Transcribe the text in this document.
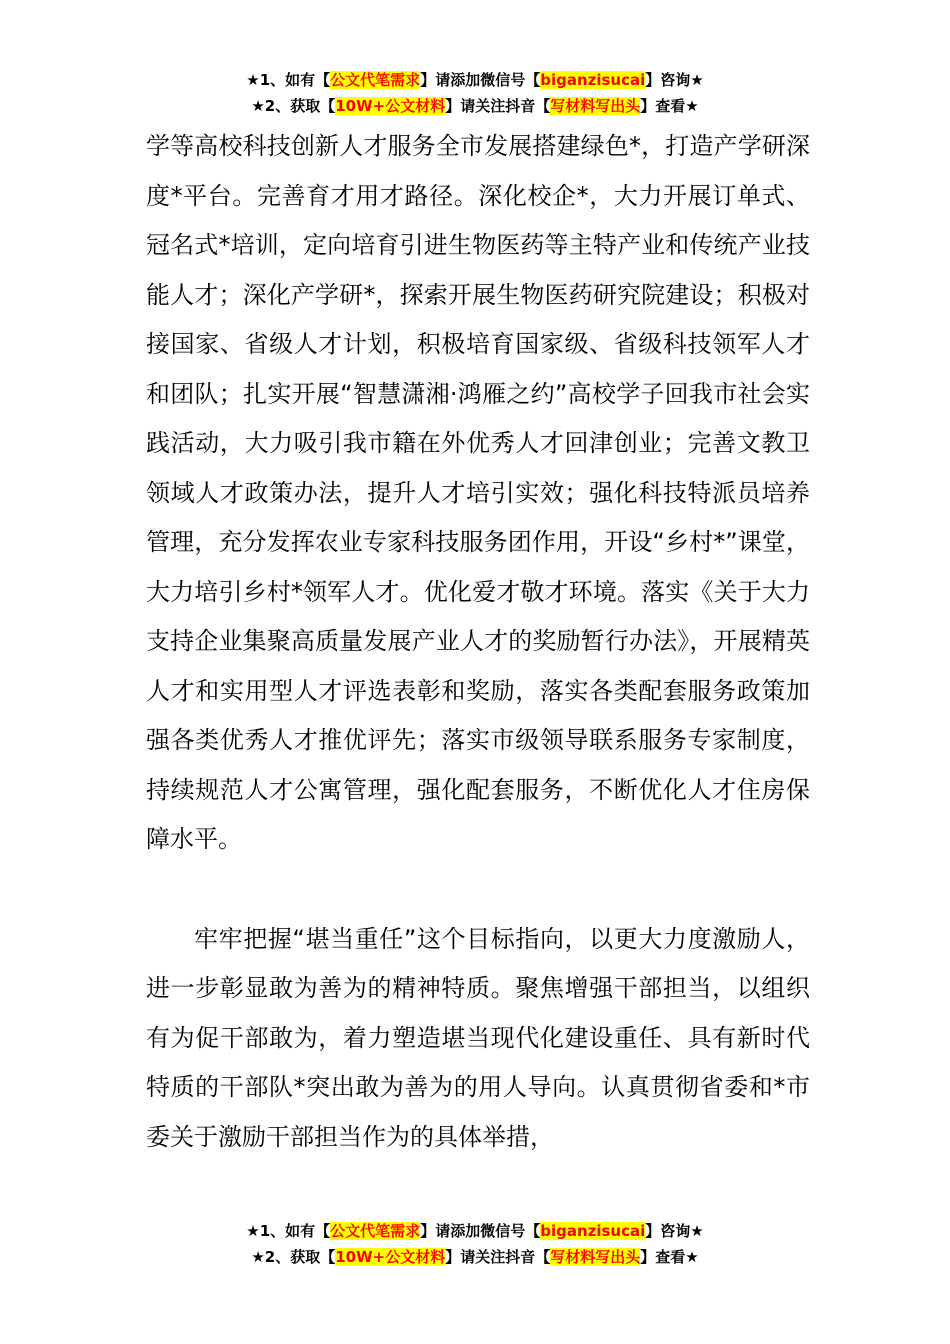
★1、如有【公文代笔需求】请添加微信号【biganzisucai】咨询★
★2、获取【10W+公文材料】请关注抖音【写材料写出头】查看★

学等高校科技创新人才服务全市发展搭建绿色*，打造产学研深度*平台。完善育才用才路径。深化校企*，大力开展订单式、冠名式*培训，定向培育引进生物医药等主特产业和传统产业技能人才；深化产学研*，探索开展生物医药研究院建设；积极对接国家、省级人才计划，积极培育国家级、省级科技领军人才和团队；扎实开展“智慧潇湘·鸿雁之约”高校学子回我市社会实践活动，大力吸引我市籍在外优秀人才回津创业；完善文教卫领域人才政策办法，提升人才培引实效；强化科技特派员培养管理，充分发挥农业专家科技服务团作用，开设“乡村*”课堂，大力培引乡村*领军人才。优化爱才敬才环境。落实《关于大力支持企业集聚高质量发展产业人才的奖励暂行办法》，开展精英人才和实用型人才评选表彰和奖励，落实各类配套服务政策加强各类优秀人才推优评先；落实市级领导联系服务专家制度，持续规范人才公寓管理，强化配套服务，不断优化人才住房保障水平。

牢牢把握“堪当重任”这个目标指向，以更大力度激励人，进一步彰显敢为善为的精神特质。聚焦增强干部担当，以组织有为促干部敢为，着力塑造堪当现代化建设重任、具有新时代特质的干部队*突出敢为善为的用人导向。认真贯彻省委和*市委关于激励干部担当作为的具体举措，

★1、如有【公文代笔需求】请添加微信号【biganzisucai】咨询★
★2、获取【10W+公文材料】请关注抖音【写材料写出头】查看★
